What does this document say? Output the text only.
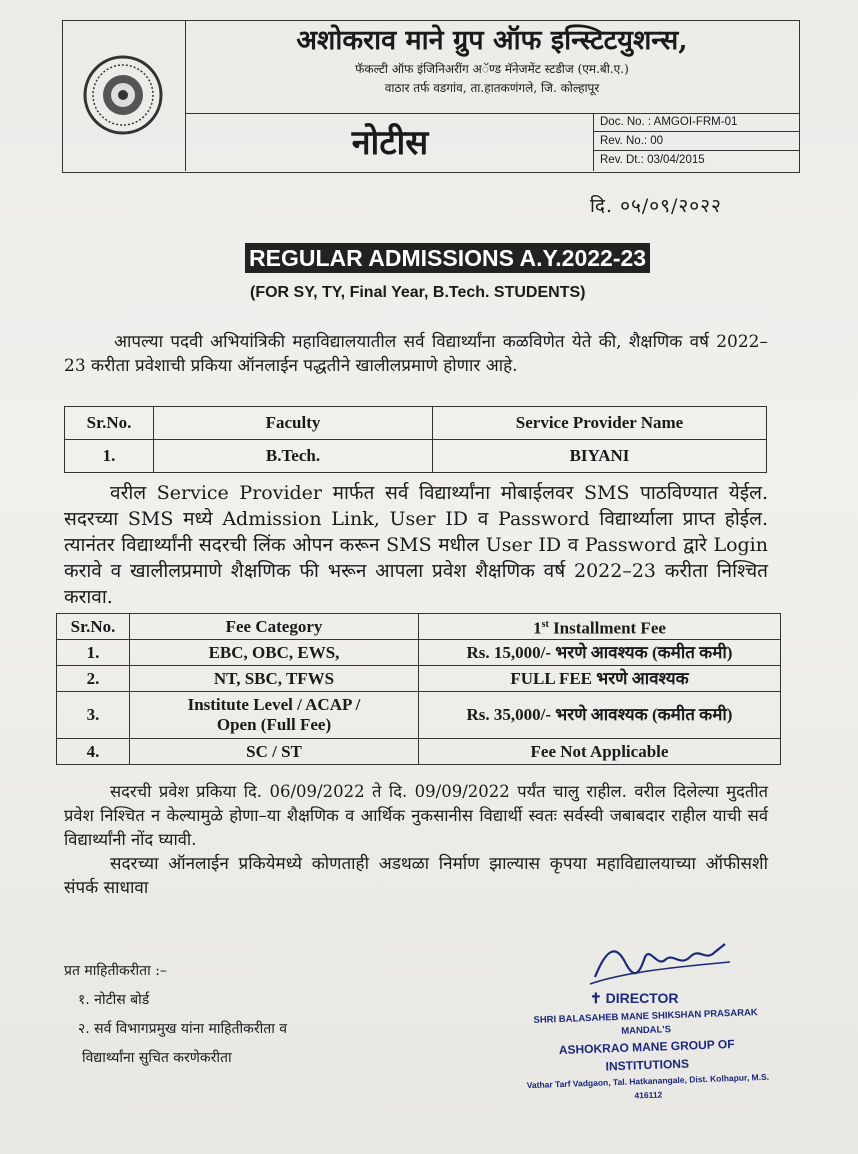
अशोकराव माने ग्रुप ऑफ इन्स्टिटयुशन्स,
फॅकल्टी ऑफ इंजिनिअरींग अॅण्ड मॅनेजमेंट स्टडीज (एम.बी.ए.)
वाठार तर्फ वडगांव, ता.हातकणंगले, जि. कोल्हापूर
नोटीस
Doc. No. : AMGOI-FRM-01
Rev. No.: 00
Rev. Dt.: 03/04/2015
दि. ०५/०९/२०२२
REGULAR ADMISSIONS A.Y.2022-23
(FOR SY, TY, Final Year, B.Tech. STUDENTS)
आपल्या पदवी अभियांत्रिकी महाविद्यालयातील सर्व विद्यार्थ्यांना कळविणेत येते की, शैक्षणिक वर्ष 2022–23 करीता प्रवेशाची प्रकिया ऑनलाईन पद्धतीने खालीलप्रमाणे होणार आहे.
Sr.No.	Faculty	Service Provider Name
1.	B.Tech.	BIYANI
वरील Service Provider मार्फत सर्व विद्यार्थ्यांना मोबाईलवर SMS पाठविण्यात येईल. सदरच्या SMS मध्ये Admission Link, User ID व Password विद्यार्थ्याला प्राप्त होईल. त्यानंतर विद्यार्थ्यांनी सदरची लिंक ओपन करून SMS मधील User ID व Password द्वारे Login करावे व खालीलप्रमाणे शैक्षणिक फी भरून आपला प्रवेश शैक्षणिक वर्ष 2022–23 करीता निश्चित करावा.
Sr.No.	Fee Category	1st Installment Fee
1.	EBC, OBC, EWS,	Rs. 15,000/- भरणे आवश्यक (कमीत कमी)
2.	NT, SBC, TFWS	FULL FEE भरणे आवश्यक
3.	Institute Level / ACAP / Open (Full Fee)	Rs. 35,000/- भरणे आवश्यक (कमीत कमी)
4.	SC / ST	Fee Not Applicable
सदरची प्रवेश प्रकिया दि. 06/09/2022 ते दि. 09/09/2022 पर्यंत चालु राहील. वरील दिलेल्या मुदतीत प्रवेश निश्चित न केल्यामुळे होणा–या शैक्षणिक व आर्थिक नुकसानीस विद्यार्थी स्वतः सर्वस्वी जबाबदार राहील याची सर्व विद्यार्थ्यांनी नोंद घ्यावी.
सदरच्या ऑनलाईन प्रकियेमध्ये कोणताही अडथळा निर्माण झाल्यास कृपया महाविद्यालयाच्या ऑफीसशी संपर्क साधावा
प्रत माहितीकरीता :–
१. नोटीस बोर्ड
२. सर्व विभागप्रमुख यांना माहितीकरीता व
विद्यार्थ्यांना सुचित करणेकरीता
✝ DIRECTOR
SHRI BALASAHEB MANE SHIKSHAN PRASARAK MANDAL'S
ASHOKRAO MANE GROUP OF INSTITUTIONS
Vathar Tarf Vadgaon, Tal. Hatkanangale, Dist. Kolhapur, M.S. 416112
